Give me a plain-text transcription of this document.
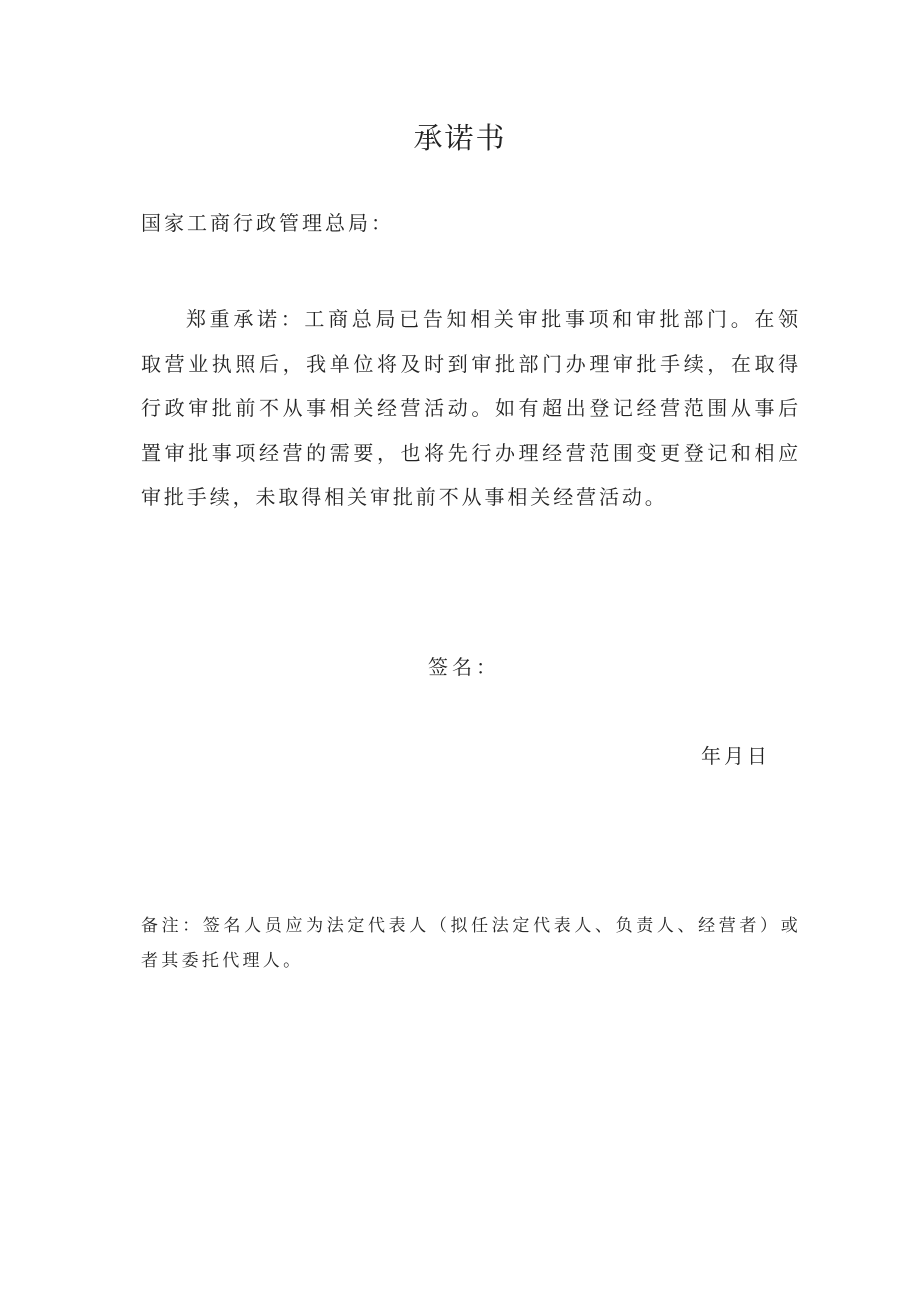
承诺书
国家工商行政管理总局：
郑重承诺：工商总局已告知相关审批事项和审批部门。在领取营业执照后，我单位将及时到审批部门办理审批手续，在取得行政审批前不从事相关经营活动。如有超出登记经营范围从事后置审批事项经营的需要，也将先行办理经营范围变更登记和相应审批手续，未取得相关审批前不从事相关经营活动。
签名：
年月日
备注：签名人员应为法定代表人（拟任法定代表人、负责人、经营者）或者其委托代理人。
